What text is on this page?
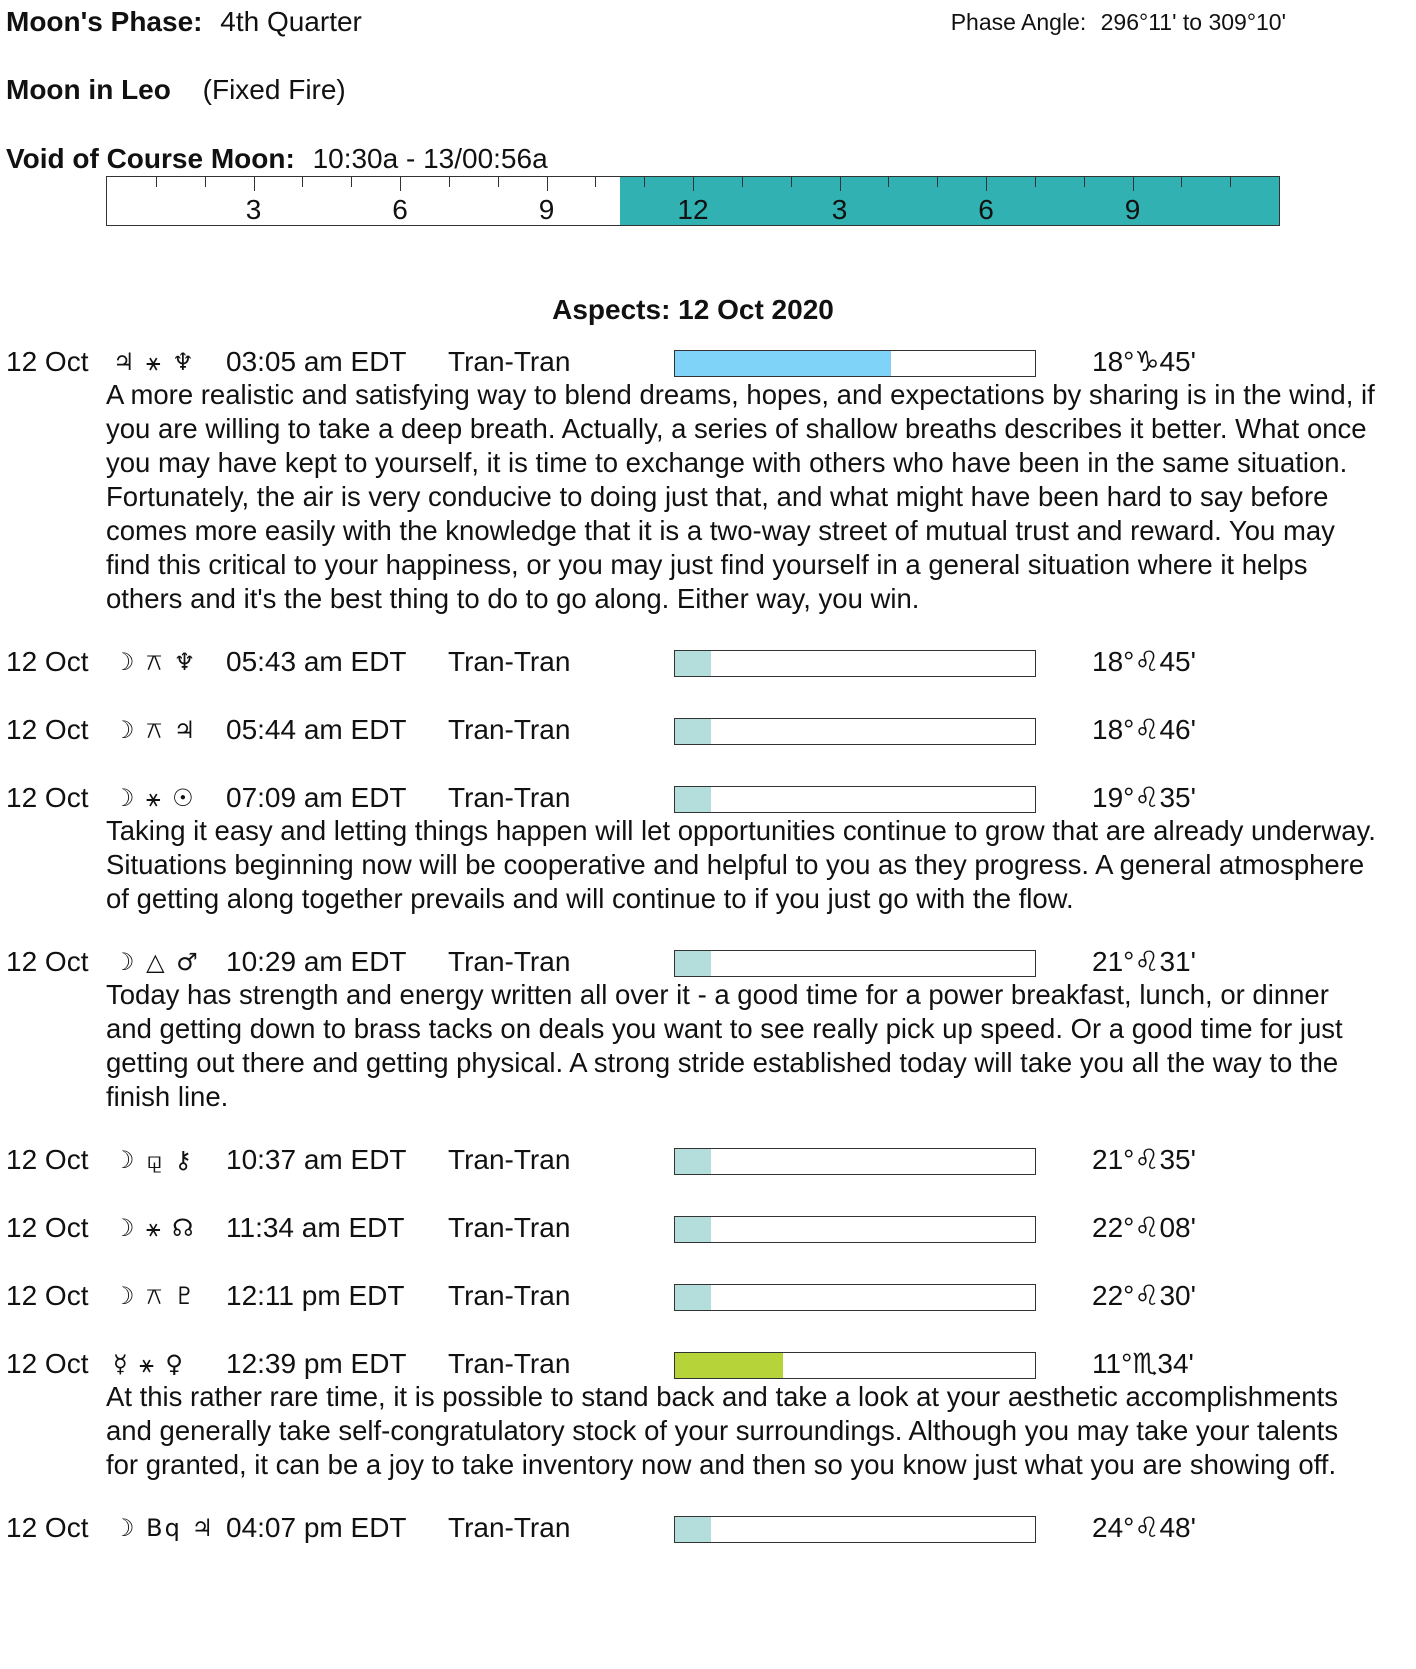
Moon's Phase: 4th Quarter	Phase Angle: 296°11' to 309°10'
Moon in Leo (Fixed Fire)
Void of Course Moon: 10:30a - 13/00:56a
3	6	9	12	3	6	9
Aspects: 12 Oct 2020
12 Oct ♃ ⚹ ♆	03:05 am EDT Tran-Tran	18°♑45'
A more realistic and satisfying way to blend dreams, hopes, and expectations by sharing is in the wind, if you are willing to take a deep breath. Actually, a series of shallow breaths describes it better. What once you may have kept to yourself, it is time to exchange with others who have been in the same situation. Fortunately, the air is very conducive to doing just that, and what might have been hard to say before comes more easily with the knowledge that it is a two-way street of mutual trust and reward. You may find this critical to your happiness, or you may just find yourself in a general situation where it helps others and it's the best thing to do to go along. Either way, you win.
12 Oct ☽ ⚻ ♆	05:43 am EDT Tran-Tran	18°♌45'
12 Oct ☽ ⚻ ♃	05:44 am EDT Tran-Tran	18°♌46'
12 Oct ☽ ⚹ ☉	07:09 am EDT Tran-Tran	19°♌35'
Taking it easy and letting things happen will let opportunities continue to grow that are already underway. Situations beginning now will be cooperative and helpful to you as they progress. A general atmosphere of getting along together prevails and will continue to if you just go with the flow.
12 Oct ☽ △ ♂ 10:29 am EDT Tran-Tran	21°♌31'
Today has strength and energy written all over it - a good time for a power breakfast, lunch, or dinner and getting down to brass tacks on deals you want to see really pick up speed. Or a good time for just getting out there and getting physical. A strong stride established today will take you all the way to the finish line.
12 Oct ☽ ⚼ ⚷	10:37 am EDT Tran-Tran	21°♌35'
12 Oct ☽ ⚹ ☊	11:34 am EDT Tran-Tran	22°♌08'
12 Oct ☽ ⚻ ♇	12:11 pm EDT Tran-Tran	22°♌30'
12 Oct ☿ ⚹ ♀	12:39 pm EDT Tran-Tran	11°♏34'
At this rather rare time, it is possible to stand back and take a look at your aesthetic accomplishments and generally take self-congratulatory stock of your surroundings. Although you may take your talents for granted, it can be a joy to take inventory now and then so you know just what you are showing off.
12 Oct ☽ Bq ♃ 04:07 pm EDT Tran-Tran	24°♌48'
